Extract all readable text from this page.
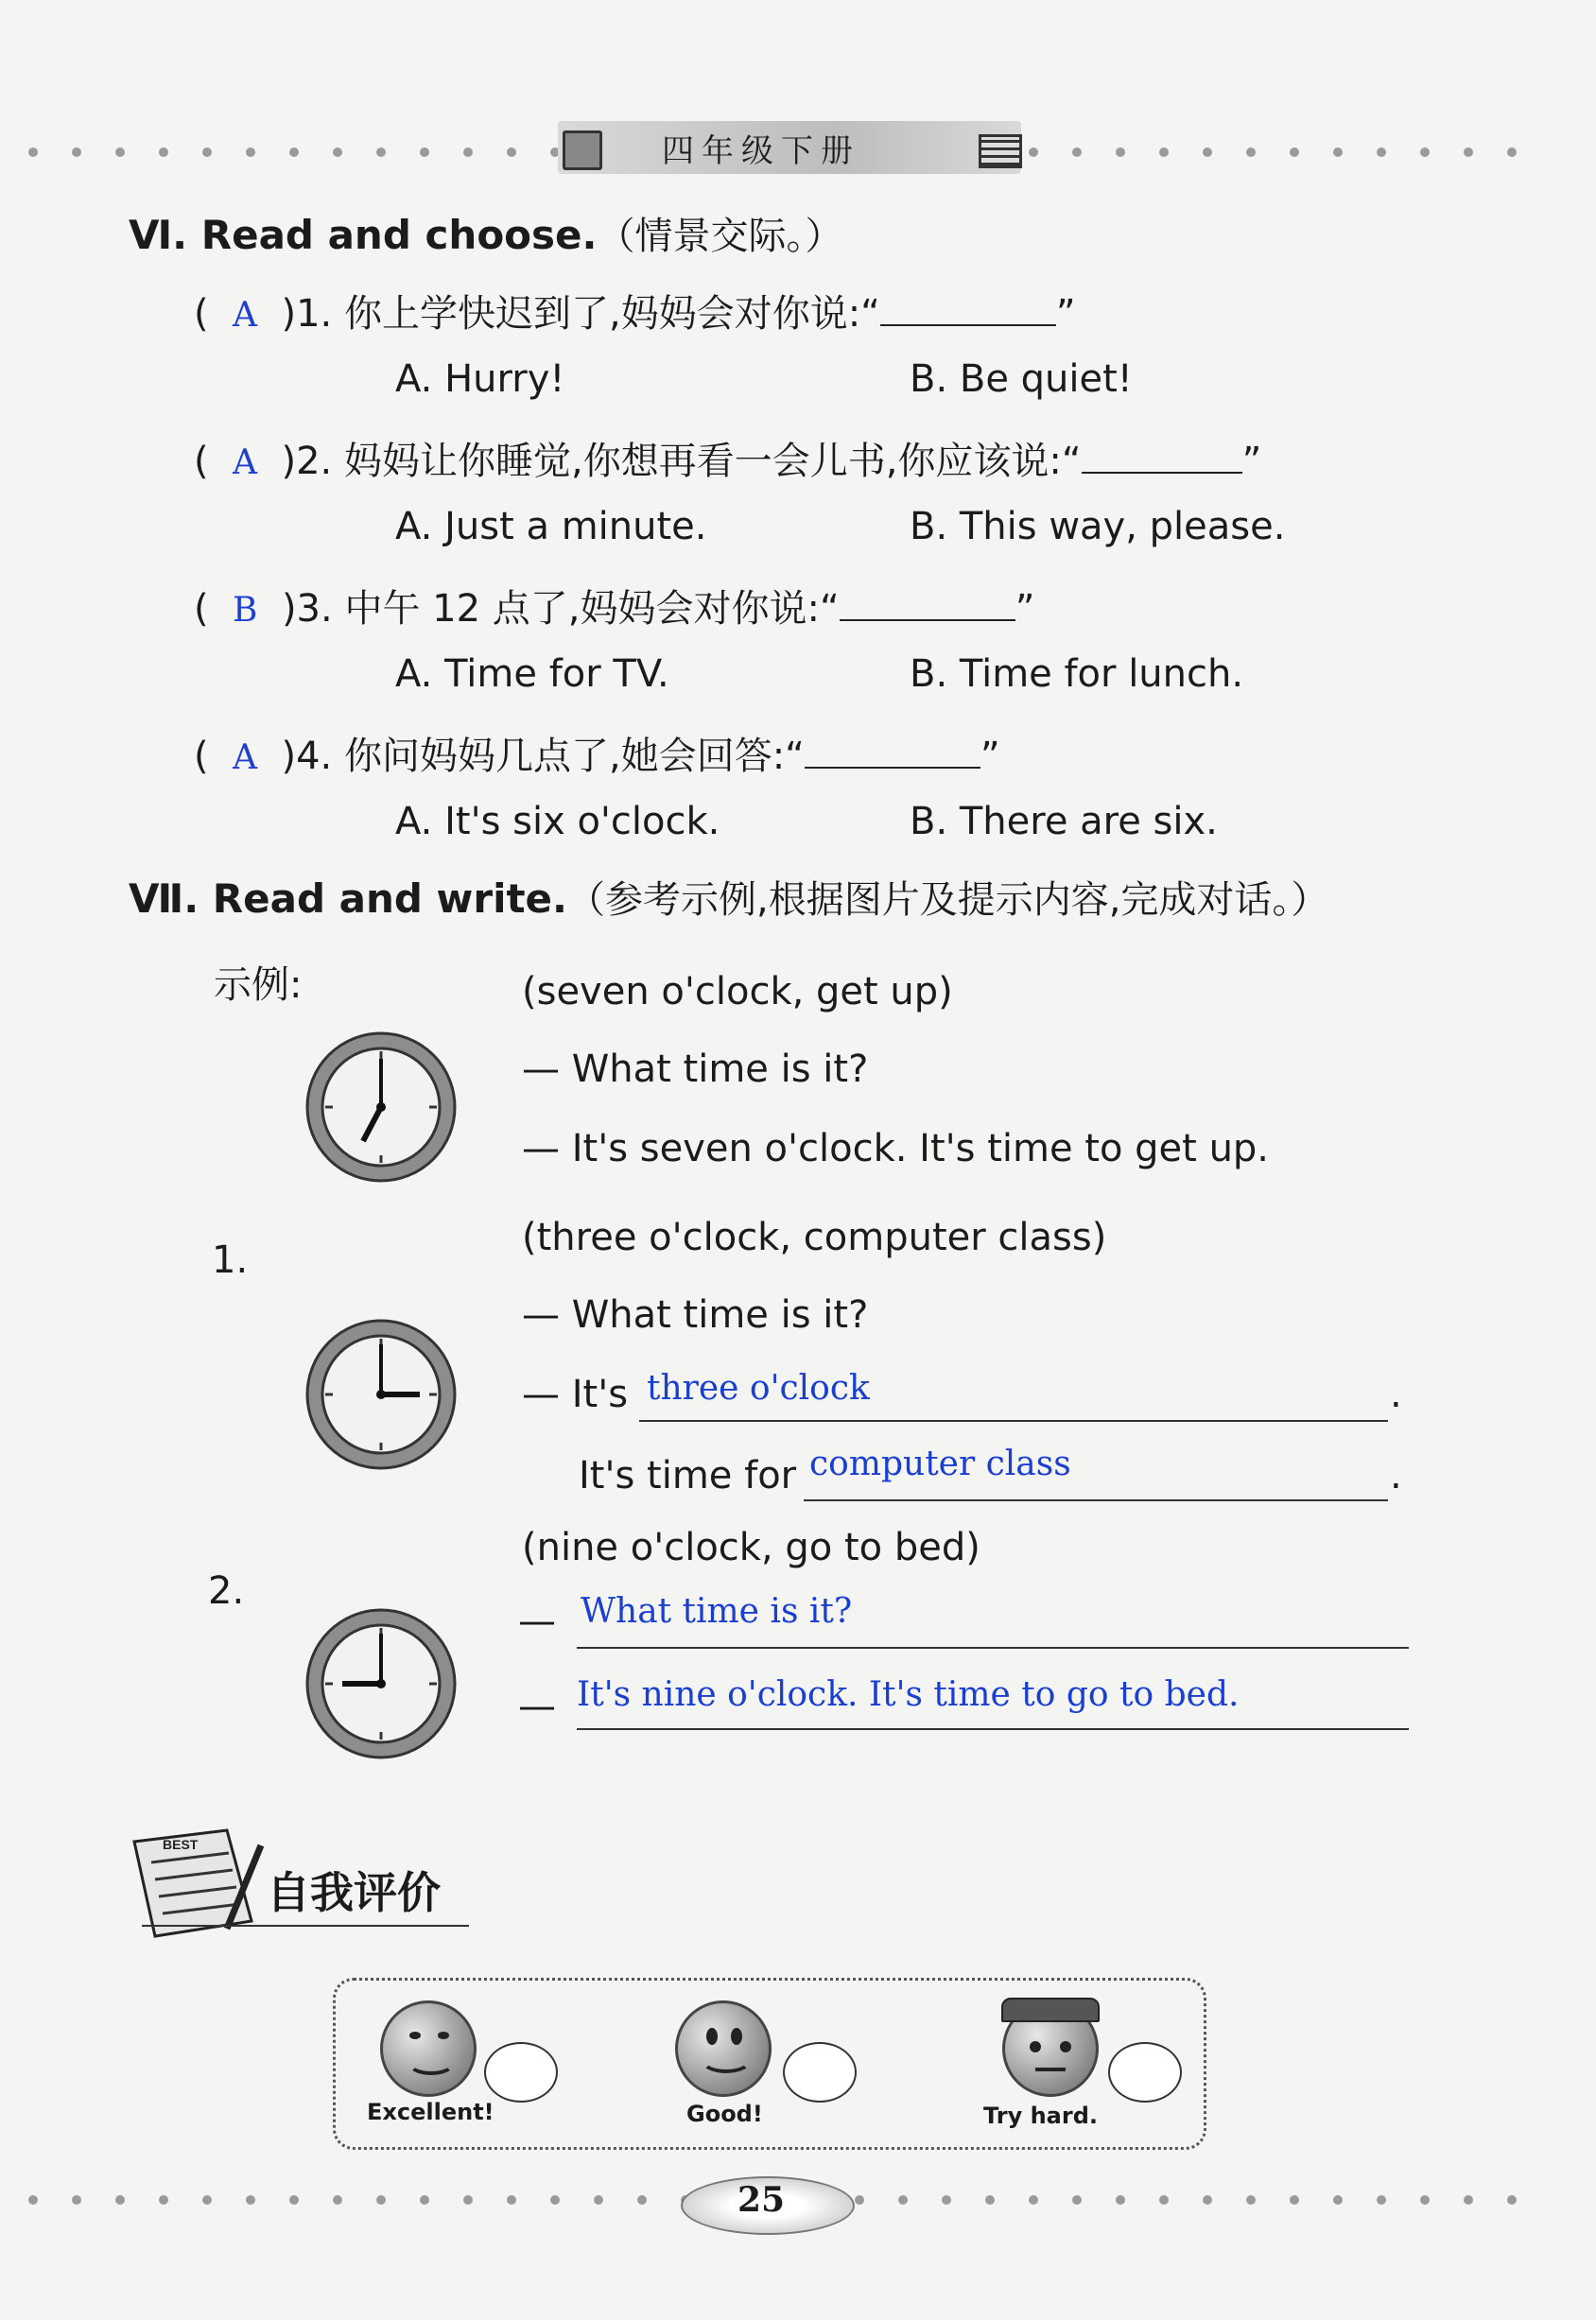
四年级下册
Ⅵ. Read and choose.（情景交际。）
(  A )1. 你上学快迟到了,妈妈会对你说:“	”
A. Hurry!	B. Be quiet!
(  A )2. 妈妈让你睡觉,你想再看一会儿书,你应该说:“	”
A. Just a minute.	B. This way, please.
(  B )3. 中午 12 点了,妈妈会对你说:“	”
A. Time for TV.	B. Time for lunch.
(  A )4. 你问妈妈几点了,她会回答:“	”
A. It's six o'clock.	B. There are six.
Ⅶ. Read and write.（参考示例,根据图片及提示内容,完成对话。）
示例:	(seven o'clock, get up)
— What time is it?
— It's seven o'clock. It's time to get up.
(three o'clock, computer class)
1.
— What time is it?
— It's three o'clock	.
It's time for computer class	.
(nine o'clock, go to bed)
2.
— What time is it?
— It's nine o'clock. It's time to go to bed.
BEST
自我评价
Excellent!	Good!	Try hard.
25
